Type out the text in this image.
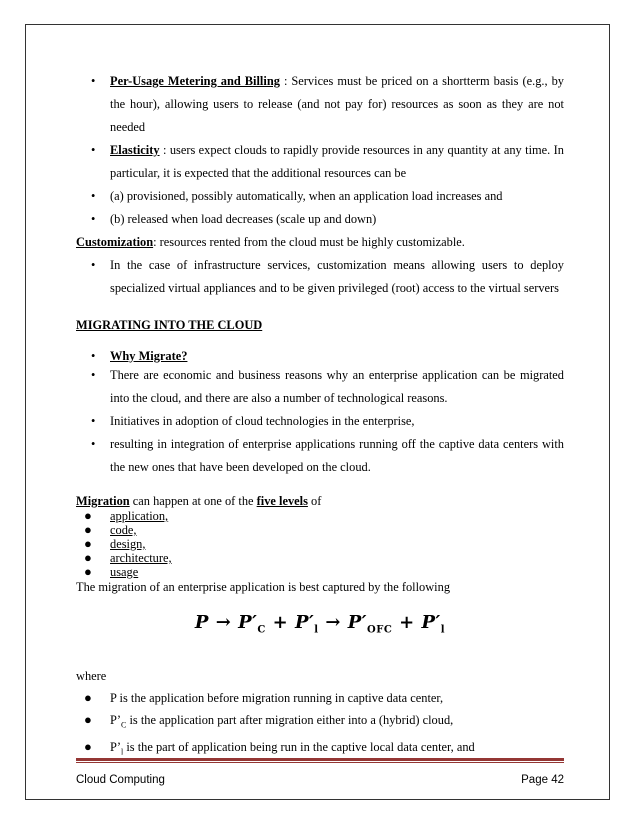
• Per-Usage Metering and Billing : Services must be priced on a shortterm basis (e.g., by the hour), allowing users to release (and not pay for) resources as soon as they are not needed
• Elasticity : users expect clouds to rapidly provide resources in any quantity at any time. In particular, it is expected that the additional resources can be
• (a) provisioned, possibly automatically, when an application load increases and
• (b) released when load decreases (scale up and down)
Customization: resources rented from the cloud must be highly customizable.
• In the case of infrastructure services, customization means allowing users to deploy specialized virtual appliances and to be given privileged (root) access to the virtual servers
MIGRATING INTO THE CLOUD
• Why Migrate?
• There are economic and business reasons why an enterprise application can be migrated into the cloud, and there are also a number of technological reasons.
• Initiatives in adoption of cloud technologies in the enterprise,
• resulting in integration of enterprise applications running off the captive data centers with the new ones that have been developed on the cloud.
Migration can happen at one of the five levels of
● application,
● code,
● design,
● architecture,
● usage
The migration of an enterprise application is best captured by the following
$P \to P'_C + P'_l \to P'_{OFC} + P'_l$
where
● P is the application before migration running in captive data center,
● $P’_C$ is the application part after migration either into a (hybrid) cloud,
● $P’_l$ is the part of application being run in the captive local data center, and
Cloud Computing	Page 42
